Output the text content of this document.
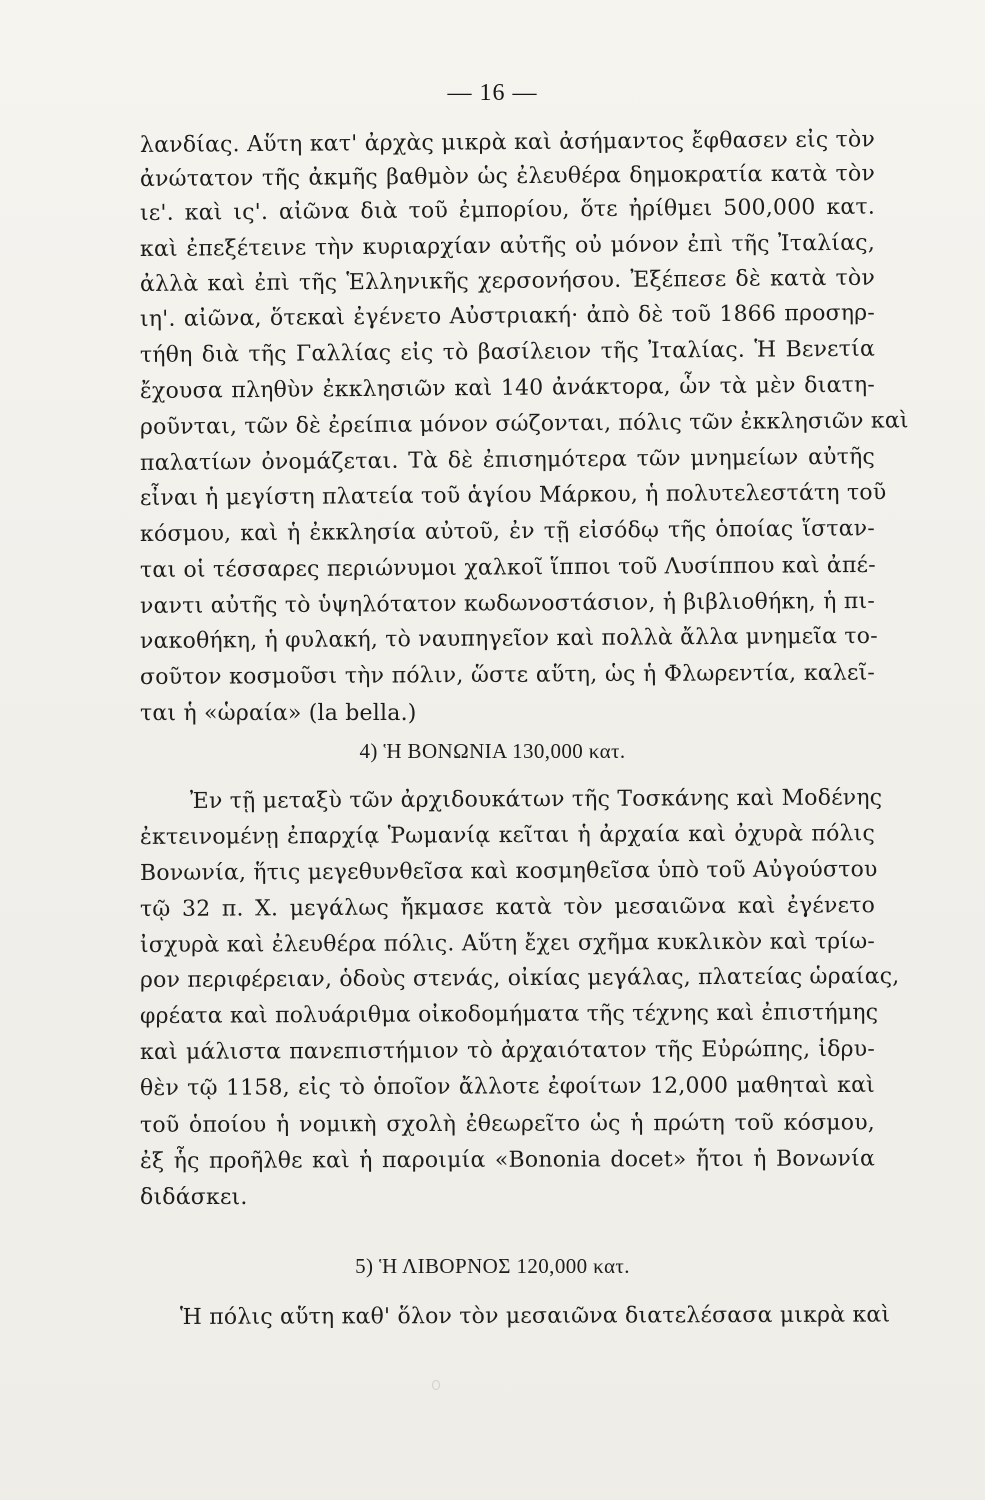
— 16 —
λανδίας. Αὕτη κατ' ἀρχὰς μικρὰ καὶ ἀσήμαντος ἔφθασεν εἰς τὸν
ἀνώτατον τῆς ἀκμῆς βαθμὸν ὡς ἐλευθέρα δημοκρατία κατὰ τὸν
ιε'. καὶ ις'. αἰῶνα διὰ τοῦ ἐμπορίου, ὅτε ἠρίθμει 500,000 κατ.
καὶ ἐπεξέτεινε τὴν κυριαρχίαν αὐτῆς οὐ μόνον ἐπὶ τῆς Ἰταλίας,
ἀλλὰ καὶ ἐπὶ τῆς Ἑλληνικῆς χερσονήσου. Ἐξέπεσε δὲ κατὰ τὸν
ιη'. αἰῶνα, ὅτεκαὶ ἐγένετο Αὐστριακή· ἀπὸ δὲ τοῦ 1866 προσηρ-
τήθη διὰ τῆς Γαλλίας εἰς τὸ βασίλειον τῆς Ἰταλίας. Ἡ Βενετία
ἔχουσα πληθὺν ἐκκλησιῶν καὶ 140 ἀνάκτορα, ὧν τὰ μὲν διατη-
ροῦνται, τῶν δὲ ἐρείπια μόνον σώζονται, πόλις τῶν ἐκκλησιῶν καὶ
παλατίων ὀνομάζεται. Τὰ δὲ ἐπισημότερα τῶν μνημείων αὐτῆς
εἶναι ἡ μεγίστη πλατεία τοῦ ἁγίου Μάρκου, ἡ πολυτελεστάτη τοῦ
κόσμου, καὶ ἡ ἐκκλησία αὐτοῦ, ἐν τῇ εἰσόδῳ τῆς ὁποίας ἵσταν-
ται οἱ τέσσαρες περιώνυμοι χαλκοῖ ἵπποι τοῦ Λυσίππου καὶ ἀπέ-
ναντι αὐτῆς τὸ ὑψηλότατον κωδωνοστάσιον, ἡ βιβλιοθήκη, ἡ πι-
νακοθήκη, ἡ φυλακή, τὸ ναυπηγεῖον καὶ πολλὰ ἄλλα μνημεῖα το-
σοῦτον κοσμοῦσι τὴν πόλιν, ὥστε αὕτη, ὡς ἡ Φλωρεντία, καλεῖ-
ται ἡ «ὡραία» (la bella.)
4) Ἡ ΒΟΝΩΝΙΑ 130,000 κατ.
Ἐν τῇ μεταξὺ τῶν ἀρχιδουκάτων τῆς Τοσκάνης καὶ Μοδένης
ἐκτεινομένῃ ἐπαρχίᾳ Ῥωμανίᾳ κεῖται ἡ ἀρχαία καὶ ὀχυρὰ πόλις
Βονωνία, ἥτις μεγεθυνθεῖσα καὶ κοσμηθεῖσα ὑπὸ τοῦ Αὐγούστου
τῷ 32 π. Χ. μεγάλως ἤκμασε κατὰ τὸν μεσαιῶνα καὶ ἐγένετο
ἰσχυρὰ καὶ ἐλευθέρα πόλις. Αὕτη ἔχει σχῆμα κυκλικὸν καὶ τρίω-
ρον περιφέρειαν, ὁδοὺς στενάς, οἰκίας μεγάλας, πλατείας ὡραίας,
φρέατα καὶ πολυάριθμα οἰκοδομήματα τῆς τέχνης καὶ ἐπιστήμης
καὶ μάλιστα πανεπιστήμιον τὸ ἀρχαιότατον τῆς Εὐρώπης, ἱδρυ-
θὲν τῷ 1158, εἰς τὸ ὁποῖον ἄλλοτε ἐφοίτων 12,000 μαθηταὶ καὶ
τοῦ ὁποίου ἡ νομικὴ σχολὴ ἐθεωρεῖτο ὡς ἡ πρώτη τοῦ κόσμου,
ἐξ ἧς προῆλθε καὶ ἡ παροιμία «Bononia docet» ἤτοι ἡ Βονωνία
διδάσκει.
5) Ἡ ΛΙΒΟΡΝΟΣ 120,000 κατ.
Ἡ πόλις αὕτη καθ' ὅλον τὸν μεσαιῶνα διατελέσασα μικρὰ καὶ
